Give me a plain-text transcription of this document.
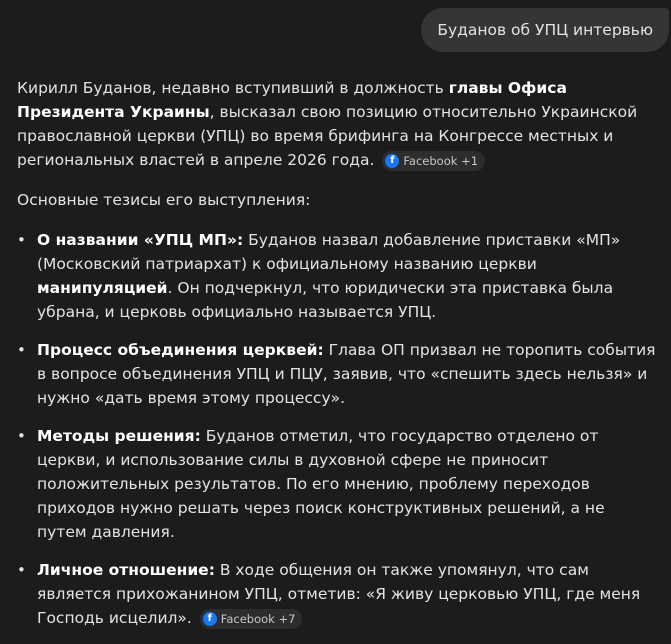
Буданов об УПЦ интервью

Кирилл Буданов, недавно вступивший в должность главы Офиса Президента Украины, высказал свою позицию относительно Украинской православной церкви (УПЦ) во время брифинга на Конгрессе местных и региональных властей в апреле 2026 года.	f Facebook +1

Основные тезисы его выступления:

• О названии «УПЦ МП»: Буданов назвал добавление приставки «МП» (Московский патриархат) к официальному названию церкви манипуляцией. Он подчеркнул, что юридически эта приставка была убрана, и церковь официально называется УПЦ.
• Процесс объединения церквей: Глава ОП призвал не торопить события в вопросе объединения УПЦ и ПЦУ, заявив, что «спешить здесь нельзя» и нужно «дать время этому процессу».
• Методы решения: Буданов отметил, что государство отделено от церкви, и использование силы в духовной сфере не приносит положительных результатов. По его мнению, проблему переходов приходов нужно решать через поиск конструктивных решений, а не путем давления.
• Личное отношение: В ходе общения он также упомянул, что сам является прихожанином УПЦ, отметив: «Я живу церковью УПЦ, где меня Господь исцелил».	f Facebook +7
